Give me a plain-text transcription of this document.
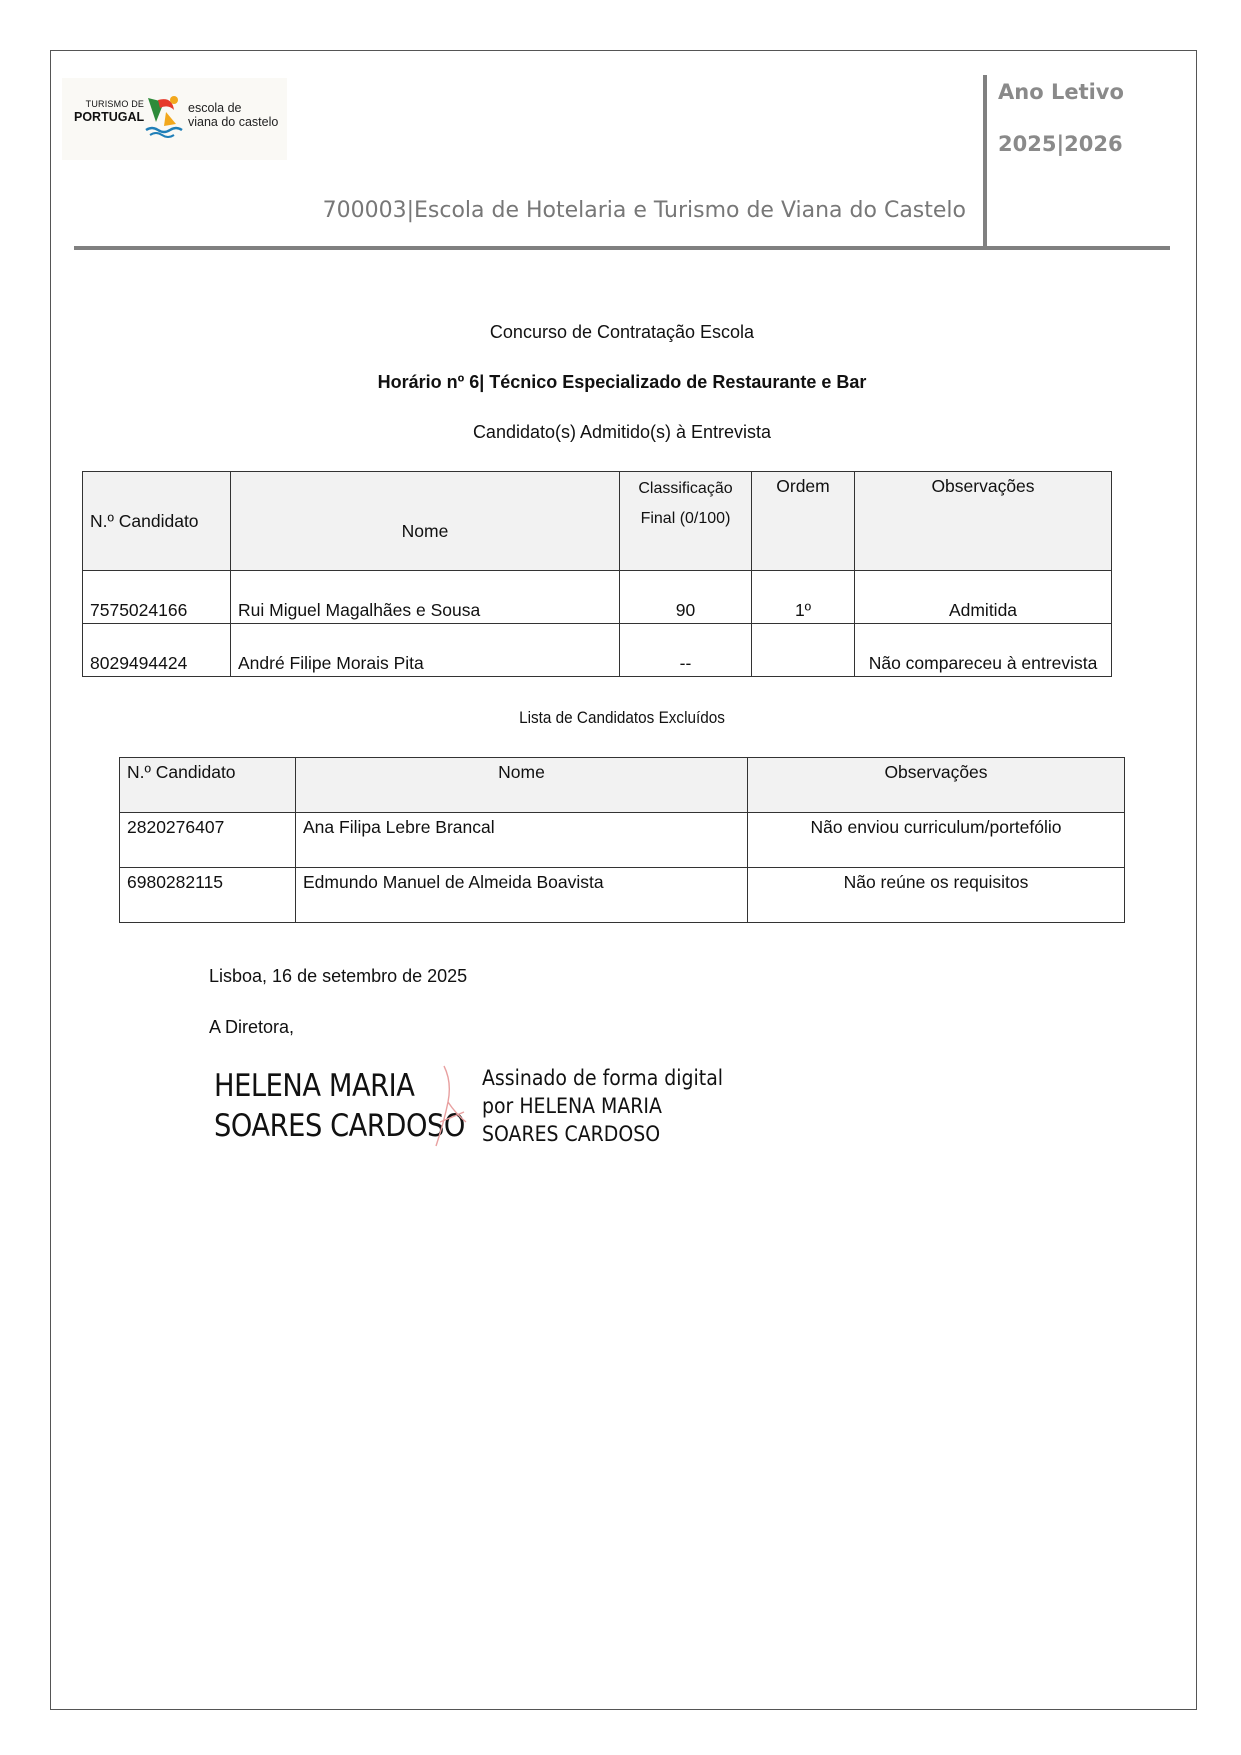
TURISMO DE
PORTUGAL
escola de
viana do castelo
700003|Escola de Hotelaria e Turismo de Viana do Castelo
Ano Letivo
2025|2026
Concurso de Contratação Escola
Horário nº 6| Técnico Especializado de Restaurante e Bar
Candidato(s) Admitido(s) à Entrevista
N.º Candidato	Nome	Classificação Final (0/100)	Ordem	Observações
7575024166	Rui Miguel Magalhães e Sousa	90	1º	Admitida
8029494424	André Filipe Morais Pita	--		Não compareceu à entrevista
Lista de Candidatos Excluídos
N.º Candidato	Nome	Observações
2820276407	Ana Filipa Lebre Brancal	Não enviou curriculum/portefólio
6980282115	Edmundo Manuel de Almeida Boavista	Não reúne os requisitos
Lisboa, 16 de setembro de 2025
A Diretora,
HELENA MARIA
SOARES CARDOSO
Assinado de forma digital
por HELENA MARIA
SOARES CARDOSO
